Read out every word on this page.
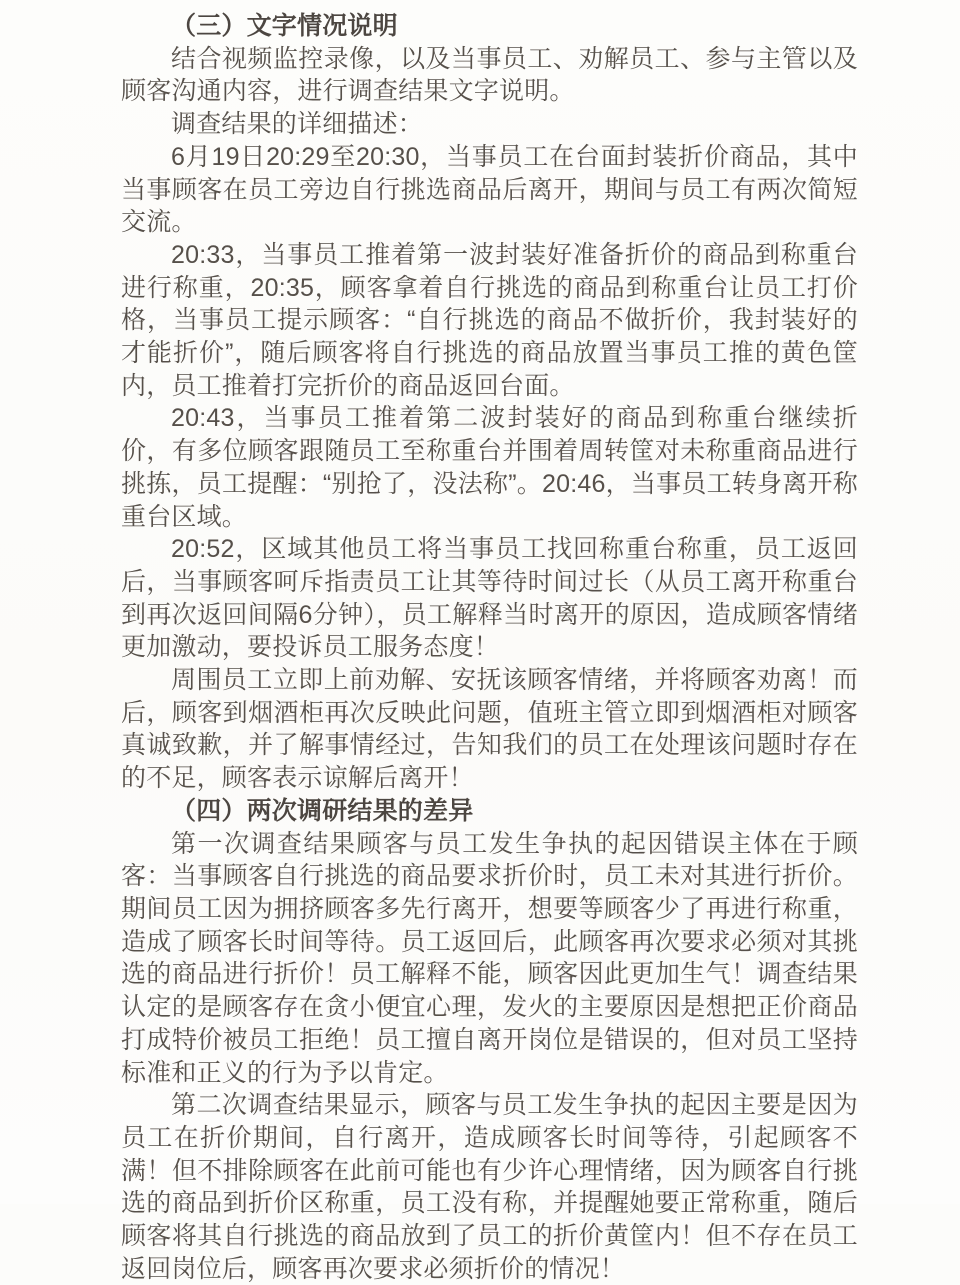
（三）文字情况说明

结合视频监控录像，以及当事员工、劝解员工、参与主管以及顾客沟通内容，进行调查结果文字说明。

调查结果的详细描述：

6月19日20:29至20:30，当事员工在台面封装折价商品，其中当事顾客在员工旁边自行挑选商品后离开，期间与员工有两次简短交流。

20:33，当事员工推着第一波封装好准备折价的商品到称重台进行称重，20:35，顾客拿着自行挑选的商品到称重台让员工打价格，当事员工提示顾客：“自行挑选的商品不做折价，我封装好的才能折价”，随后顾客将自行挑选的商品放置当事员工推的黄色筐内，员工推着打完折价的商品返回台面。

20:43，当事员工推着第二波封装好的商品到称重台继续折价，有多位顾客跟随员工至称重台并围着周转筐对未称重商品进行挑拣，员工提醒：“别抢了，没法称”。20:46，当事员工转身离开称重台区域。

20:52，区域其他员工将当事员工找回称重台称重，员工返回后，当事顾客呵斥指责员工让其等待时间过长（从员工离开称重台到再次返回间隔6分钟），员工解释当时离开的原因，造成顾客情绪更加激动，要投诉员工服务态度！

周围员工立即上前劝解、安抚该顾客情绪，并将顾客劝离！而后，顾客到烟酒柜再次反映此问题，值班主管立即到烟酒柜对顾客真诚致歉，并了解事情经过，告知我们的员工在处理该问题时存在的不足，顾客表示谅解后离开！

（四）两次调研结果的差异

第一次调查结果顾客与员工发生争执的起因错误主体在于顾客：当事顾客自行挑选的商品要求折价时，员工未对其进行折价。期间员工因为拥挤顾客多先行离开，想要等顾客少了再进行称重，造成了顾客长时间等待。员工返回后，此顾客再次要求必须对其挑选的商品进行折价！员工解释不能，顾客因此更加生气！调查结果认定的是顾客存在贪小便宜心理，发火的主要原因是想把正价商品打成特价被员工拒绝！员工擅自离开岗位是错误的，但对员工坚持标准和正义的行为予以肯定。

第二次调查结果显示，顾客与员工发生争执的起因主要是因为员工在折价期间，自行离开，造成顾客长时间等待，引起顾客不满！但不排除顾客在此前可能也有少许心理情绪，因为顾客自行挑选的商品到折价区称重，员工没有称，并提醒她要正常称重，随后顾客将其自行挑选的商品放到了员工的折价黄筐内！但不存在员工返回岗位后，顾客再次要求必须折价的情况！
